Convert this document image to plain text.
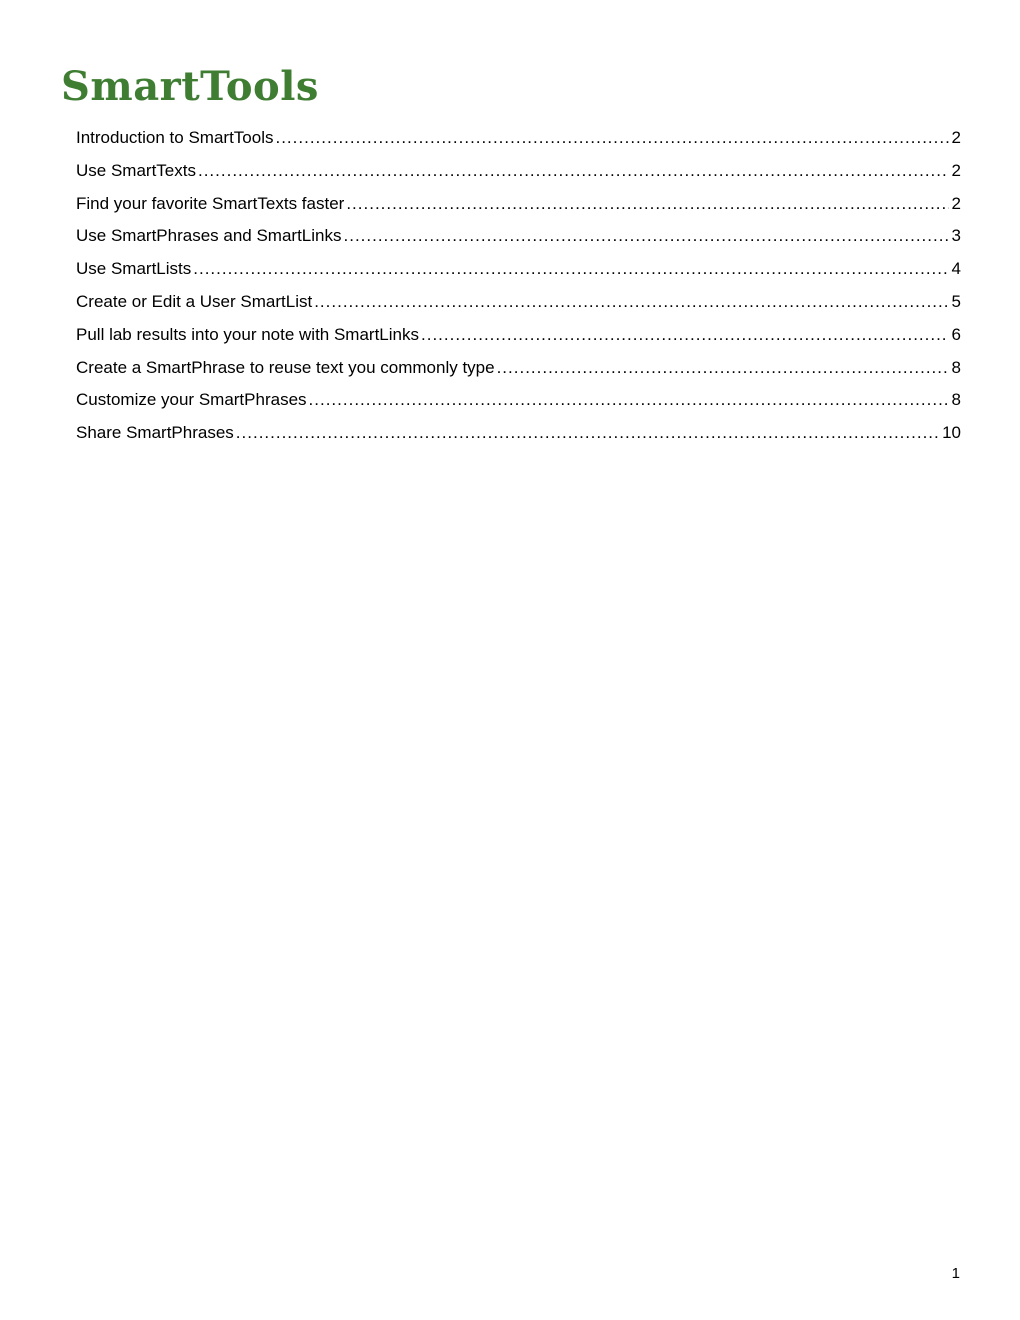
SmartTools
Introduction to SmartTools .....	2
Use SmartTexts .....	2
Find your favorite SmartTexts faster .....	2
Use SmartPhrases and SmartLinks .....	3
Use SmartLists .....	4
Create or Edit a User SmartList .....	5
Pull lab results into your note with SmartLinks .....	6
Create a SmartPhrase to reuse text you commonly type .....	8
Customize your SmartPhrases .....	8
Share SmartPhrases .....	10
1
